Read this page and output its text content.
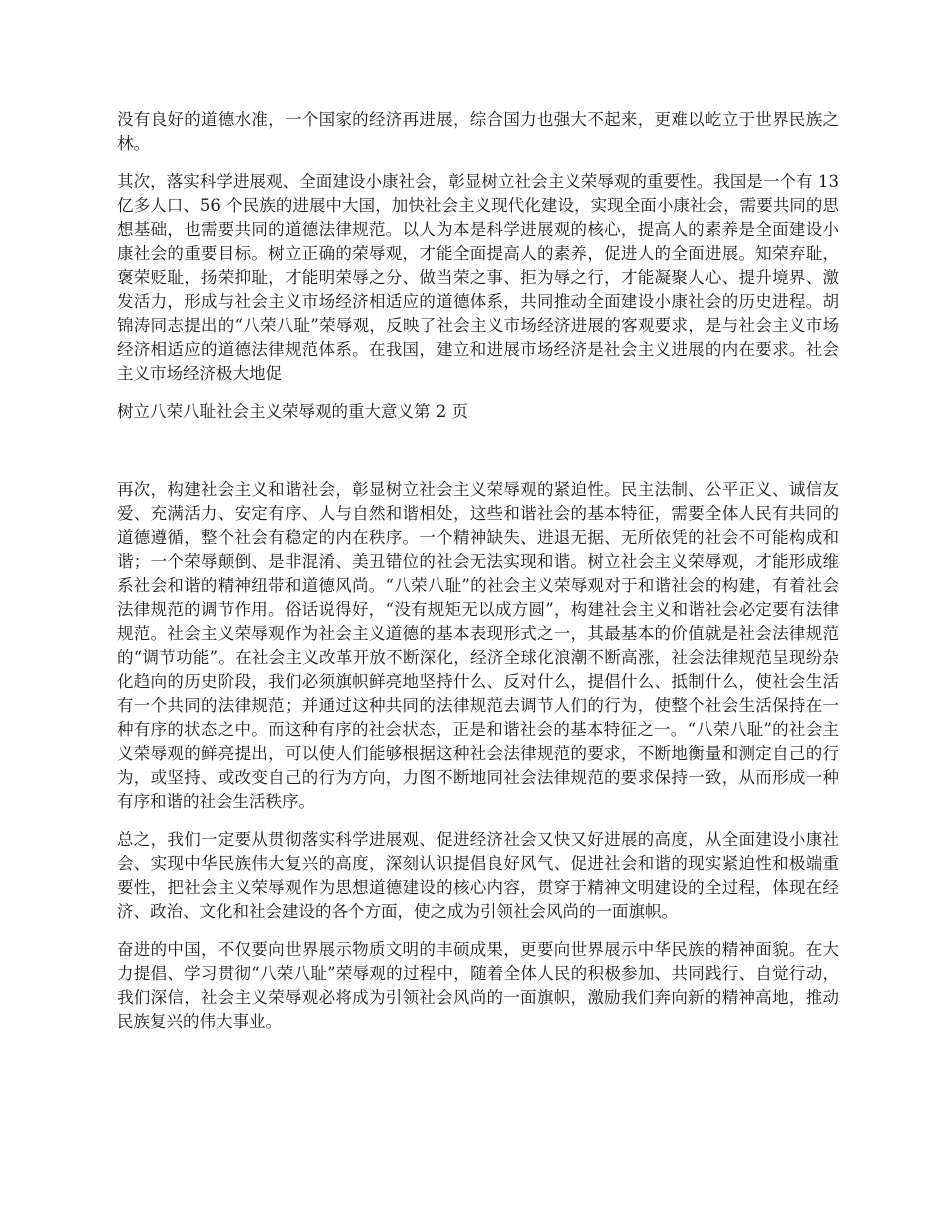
没有良好的道德水准，一个国家的经济再进展，综合国力也强大不起来，更难以屹立于世界民族之林。

其次，落实科学进展观、全面建设小康社会，彰显树立社会主义荣辱观的重要性。我国是一个有 13 亿多人口、56 个民族的进展中大国，加快社会主义现代化建设，实现全面小康社会，需要共同的思想基础，也需要共同的道德法律规范。以人为本是科学进展观的核心，提高人的素养是全面建设小康社会的重要目标。树立正确的荣辱观，才能全面提高人的素养，促进人的全面进展。知荣弃耻，褒荣贬耻，扬荣抑耻，才能明荣辱之分、做当荣之事、拒为辱之行，才能凝聚人心、提升境界、激发活力，形成与社会主义市场经济相适应的道德体系，共同推动全面建设小康社会的历史进程。胡锦涛同志提出的“八荣八耻”荣辱观，反映了社会主义市场经济进展的客观要求，是与社会主义市场经济相适应的道德法律规范体系。在我国，建立和进展市场经济是社会主义进展的内在要求。社会主义市场经济极大地促

树立八荣八耻社会主义荣辱观的重大意义第 2 页

再次，构建社会主义和谐社会，彰显树立社会主义荣辱观的紧迫性。民主法制、公平正义、诚信友爱、充满活力、安定有序、人与自然和谐相处，这些和谐社会的基本特征，需要全体人民有共同的道德遵循，整个社会有稳定的内在秩序。一个精神缺失、进退无据、无所依凭的社会不可能构成和谐；一个荣辱颠倒、是非混淆、美丑错位的社会无法实现和谐。树立社会主义荣辱观，才能形成维系社会和谐的精神纽带和道德风尚。“八荣八耻”的社会主义荣辱观对于和谐社会的构建，有着社会法律规范的调节作用。俗话说得好，“没有规矩无以成方圆”，构建社会主义和谐社会必定要有法律规范。社会主义荣辱观作为社会主义道德的基本表现形式之一，其最基本的价值就是社会法律规范的“调节功能”。在社会主义改革开放不断深化，经济全球化浪潮不断高涨，社会法律规范呈现纷杂化趋向的历史阶段，我们必须旗帜鲜亮地坚持什么、反对什么，提倡什么、抵制什么，使社会生活有一个共同的法律规范；并通过这种共同的法律规范去调节人们的行为，使整个社会生活保持在一种有序的状态之中。而这种有序的社会状态，正是和谐社会的基本特征之一。“八荣八耻”的社会主义荣辱观的鲜亮提出，可以使人们能够根据这种社会法律规范的要求，不断地衡量和测定自己的行为，或坚持、或改变自己的行为方向，力图不断地同社会法律规范的要求保持一致，从而形成一种有序和谐的社会生活秩序。

总之，我们一定要从贯彻落实科学进展观、促进经济社会又快又好进展的高度，从全面建设小康社会、实现中华民族伟大复兴的高度，深刻认识提倡良好风气、促进社会和谐的现实紧迫性和极端重要性，把社会主义荣辱观作为思想道德建设的核心内容，贯穿于精神文明建设的全过程，体现在经济、政治、文化和社会建设的各个方面，使之成为引领社会风尚的一面旗帜。

奋进的中国，不仅要向世界展示物质文明的丰硕成果，更要向世界展示中华民族的精神面貌。在大力提倡、学习贯彻“八荣八耻”荣辱观的过程中，随着全体人民的积极参加、共同践行、自觉行动，我们深信，社会主义荣辱观必将成为引领社会风尚的一面旗帜，激励我们奔向新的精神高地，推动民族复兴的伟大事业。
